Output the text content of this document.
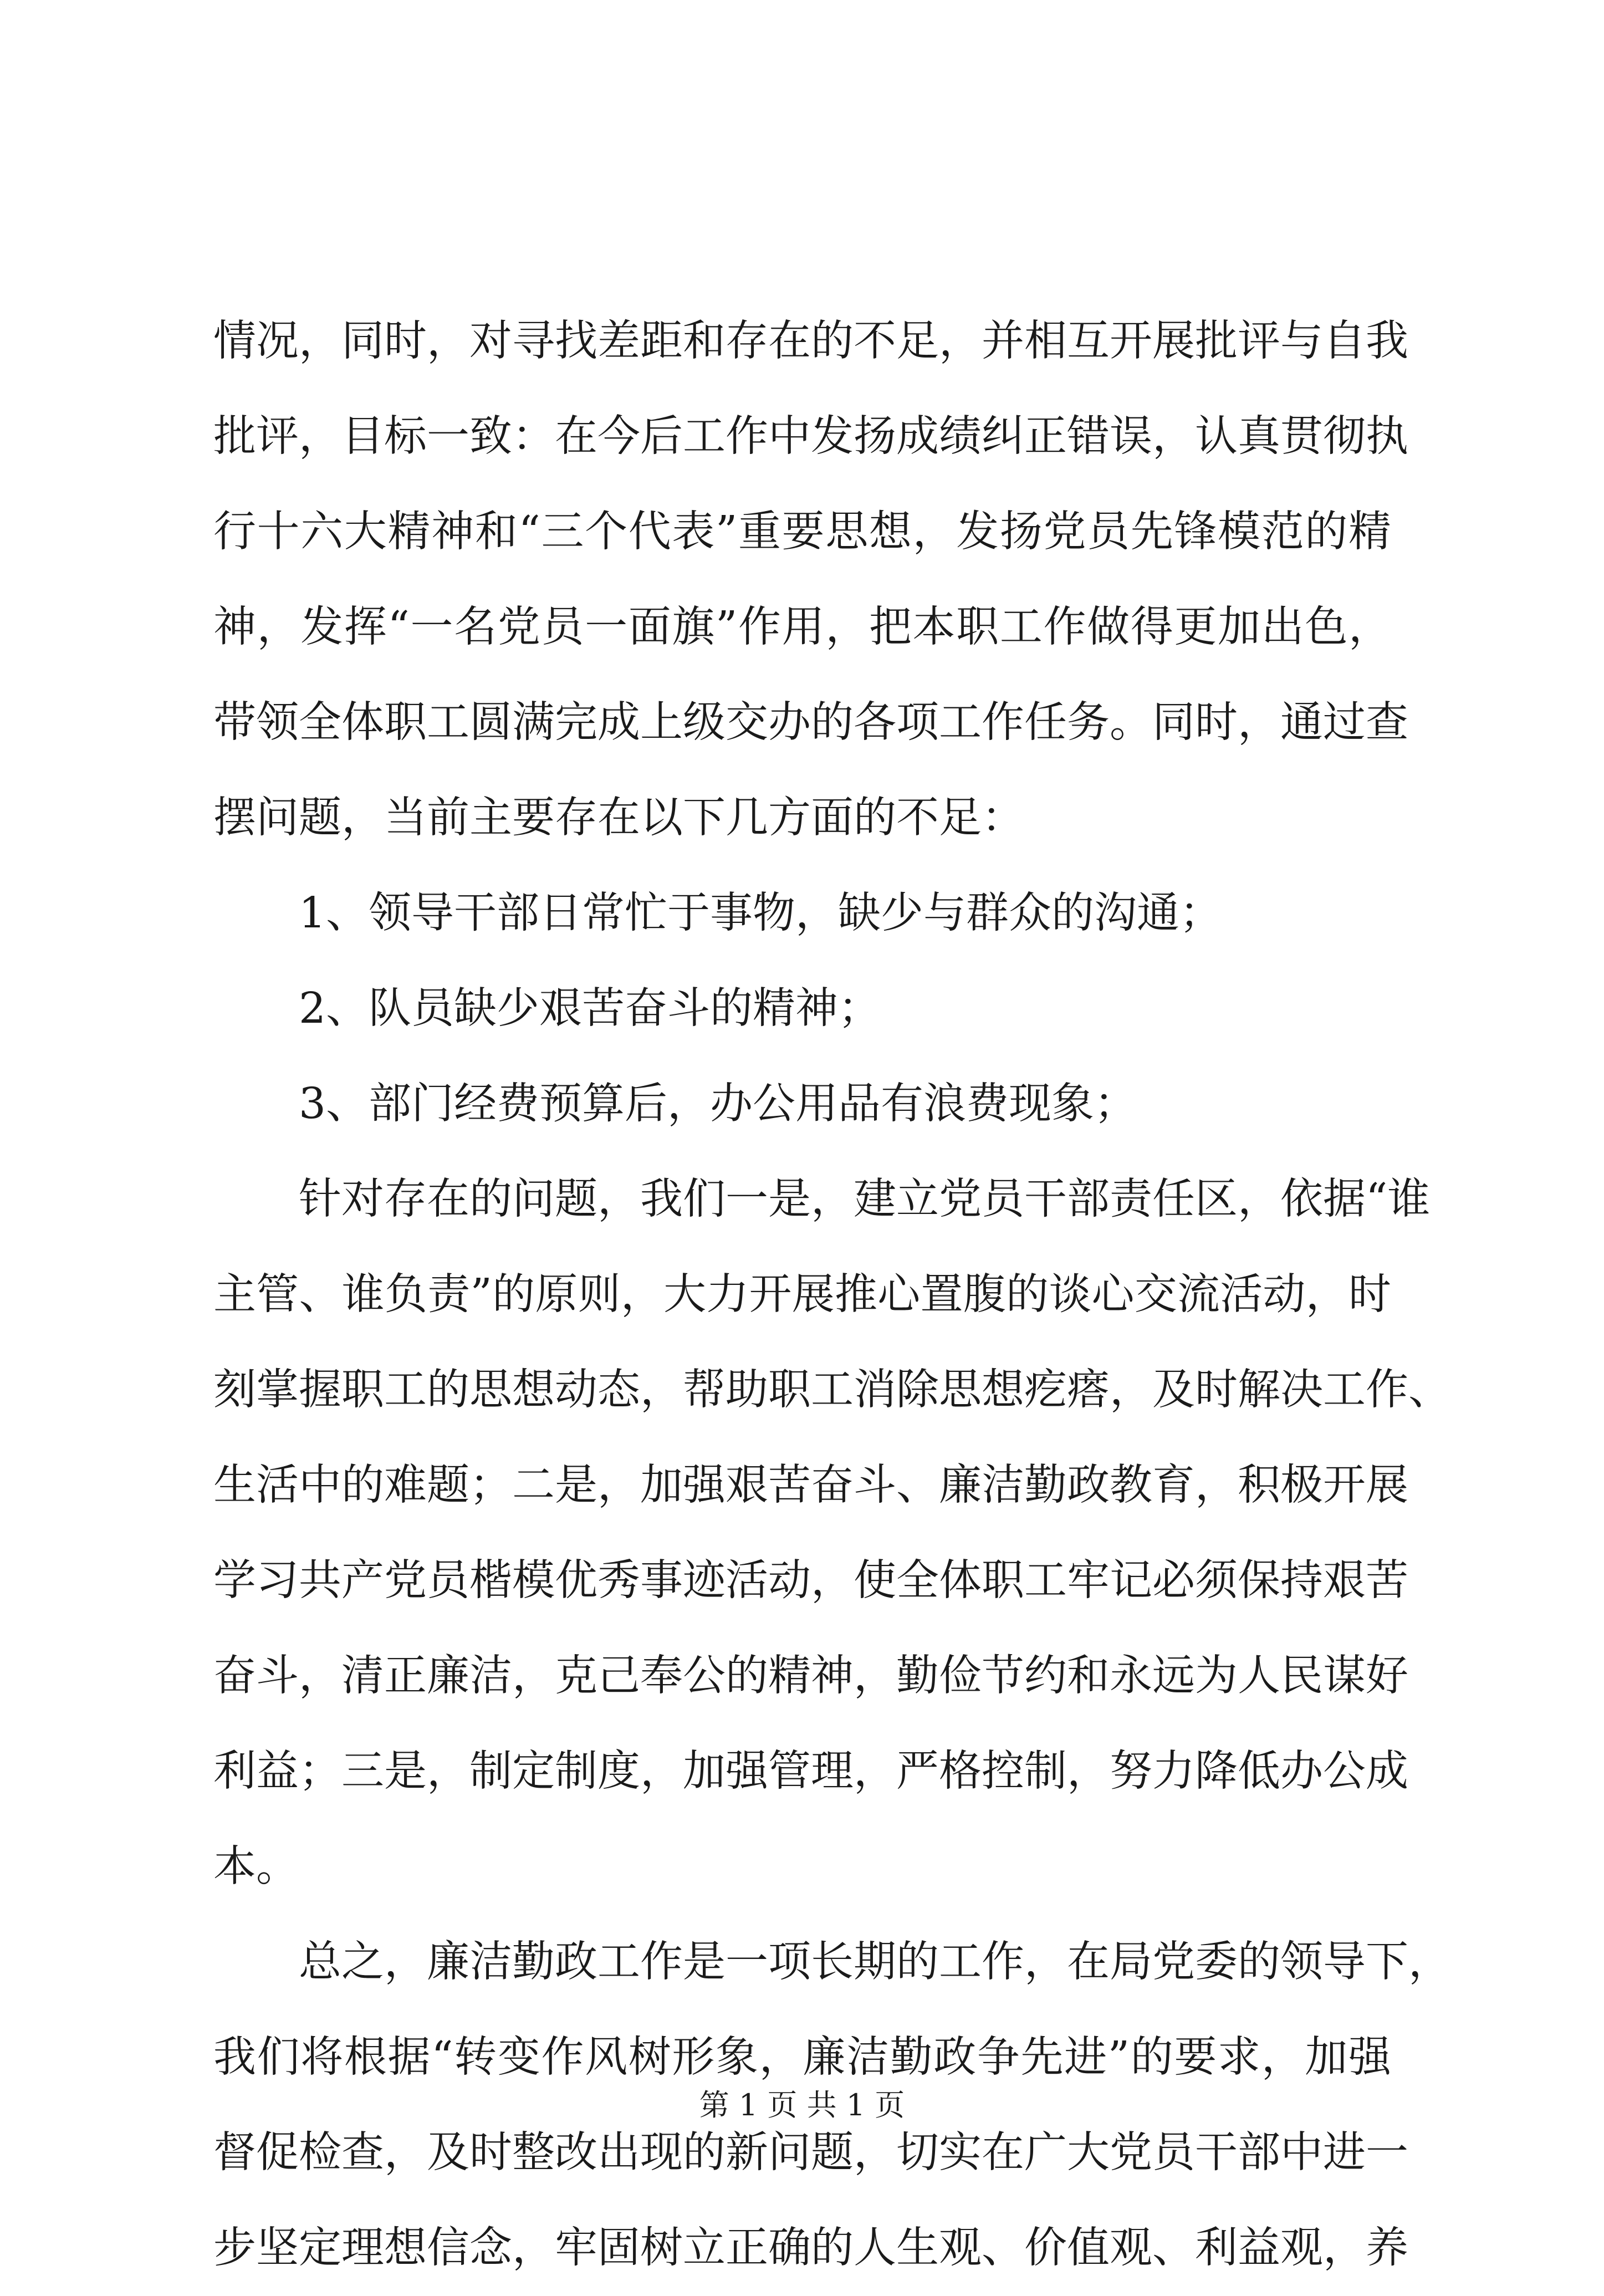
情况，同时，对寻找差距和存在的不足，并相互开展批评与自我
批评，目标一致：在今后工作中发扬成绩纠正错误，认真贯彻执
行十六大精神和“三个代表”重要思想，发扬党员先锋模范的精
神，发挥“一名党员一面旗”作用，把本职工作做得更加出色，
带领全体职工圆满完成上级交办的各项工作任务。同时，通过查
摆问题，当前主要存在以下几方面的不足：
1、领导干部日常忙于事物，缺少与群众的沟通；
2、队员缺少艰苦奋斗的精神；
3、部门经费预算后，办公用品有浪费现象；
针对存在的问题，我们一是，建立党员干部责任区，依据“谁
主管、谁负责”的原则，大力开展推心置腹的谈心交流活动，时
刻掌握职工的思想动态，帮助职工消除思想疙瘩，及时解决工作、
生活中的难题；二是，加强艰苦奋斗、廉洁勤政教育，积极开展
学习共产党员楷模优秀事迹活动，使全体职工牢记必须保持艰苦
奋斗，清正廉洁，克己奉公的精神，勤俭节约和永远为人民谋好
利益；三是，制定制度，加强管理，严格控制，努力降低办公成
本。
总之，廉洁勤政工作是一项长期的工作，在局党委的领导下，
我们将根据“转变作风树形象，廉洁勤政争先进”的要求，加强
督促检查，及时整改出现的新问题，切实在广大党员干部中进一
步坚定理想信念，牢固树立正确的人生观、价值观、利益观，养
第 1 页 共 1 页
